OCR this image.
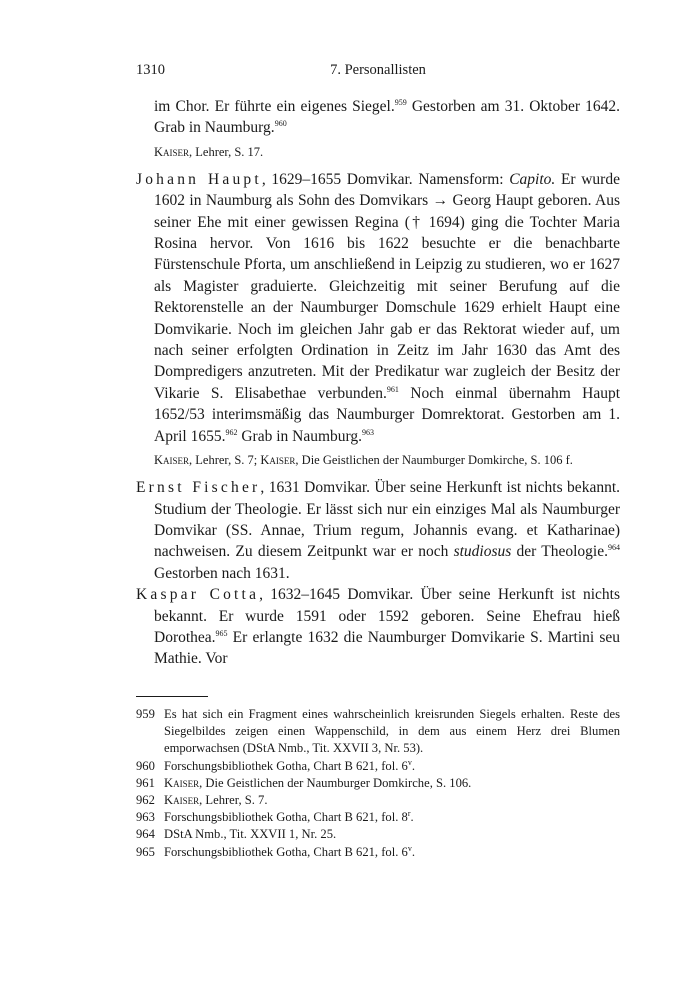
1310	7. Personallisten
im Chor. Er führte ein eigenes Siegel.$^{959}$ Gestorben am 31. Oktober 1642. Grab in Naumburg.$^{960}$
Kaiser, Lehrer, S. 17.
Johann Haupt, 1629–1655 Domvikar. Namensform: Capito. Er wurde 1602 in Naumburg als Sohn des Domvikars → Georg Haupt geboren. Aus seiner Ehe mit einer gewissen Regina († 1694) ging die Tochter Maria Rosina hervor. Von 1616 bis 1622 besuchte er die benachbarte Fürstenschule Pforta, um anschließend in Leipzig zu studieren, wo er 1627 als Magister graduierte. Gleichzeitig mit seiner Berufung auf die Rektorenstelle an der Naumburger Domschule 1629 erhielt Haupt eine Domvikarie. Noch im gleichen Jahr gab er das Rektorat wieder auf, um nach seiner erfolgten Ordination in Zeitz im Jahr 1630 das Amt des Dompredigers anzutreten. Mit der Predikatur war zugleich der Besitz der Vikarie S. Elisabethae verbunden.$^{961}$ Noch einmal übernahm Haupt 1652/53 interimsmäßig das Naumburger Domrektorat. Gestorben am 1. April 1655.$^{962}$ Grab in Naumburg.$^{963}$
Kaiser, Lehrer, S. 7; Kaiser, Die Geistlichen der Naumburger Domkirche, S. 106 f.
Ernst Fischer, 1631 Domvikar. Über seine Herkunft ist nichts bekannt. Studium der Theologie. Er lässt sich nur ein einziges Mal als Naumburger Domvikar (SS. Annae, Trium regum, Johannis evang. et Katharinae) nachweisen. Zu diesem Zeitpunkt war er noch studiosus der Theologie.$^{964}$ Gestorben nach 1631.
Kaspar Cotta, 1632–1645 Domvikar. Über seine Herkunft ist nichts bekannt. Er wurde 1591 oder 1592 geboren. Seine Ehefrau hieß Dorothea.$^{965}$ Er erlangte 1632 die Naumburger Domvikarie S. Martini seu Mathie. Vor
959 Es hat sich ein Fragment eines wahrscheinlich kreisrunden Siegels erhalten. Reste des Siegelbildes zeigen einen Wappenschild, in dem aus einem Herz drei Blumen emporwachsen (DStA Nmb., Tit. XXVII 3, Nr. 53).
960 Forschungsbibliothek Gotha, Chart B 621, fol. 6$^v$.
961 Kaiser, Die Geistlichen der Naumburger Domkirche, S. 106.
962 Kaiser, Lehrer, S. 7.
963 Forschungsbibliothek Gotha, Chart B 621, fol. 8$^r$.
964 DStA Nmb., Tit. XXVII 1, Nr. 25.
965 Forschungsbibliothek Gotha, Chart B 621, fol. 6$^v$.
